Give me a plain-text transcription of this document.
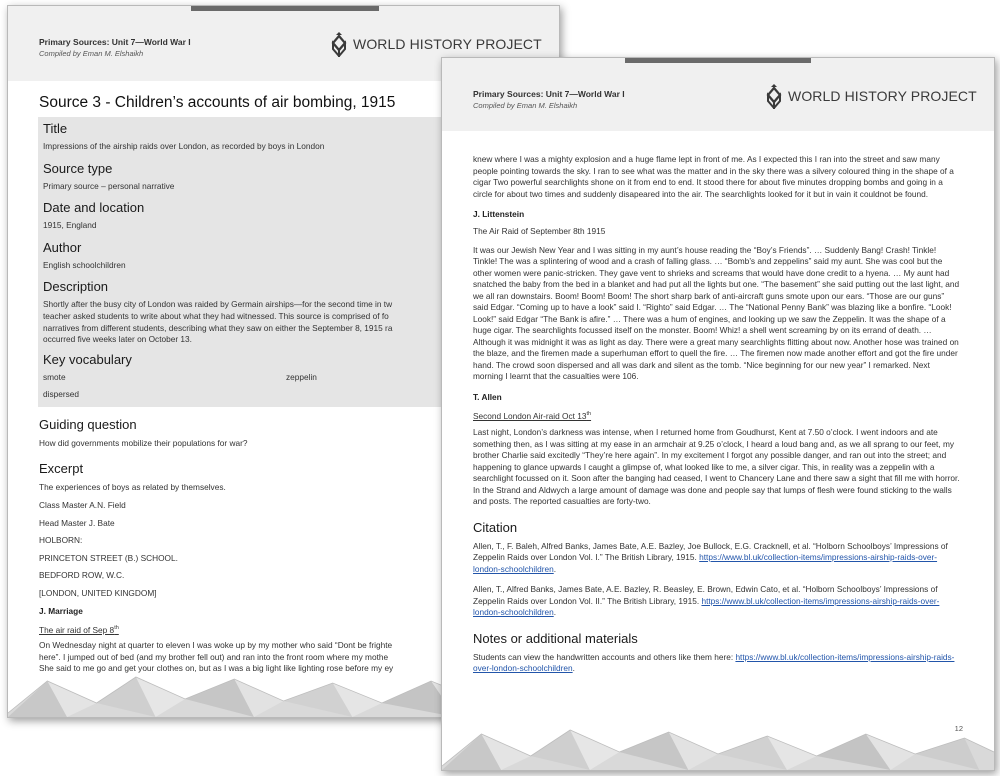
Primary Sources: Unit 7—World War I
Compiled by Eman M. Elshaikh
WORLD HISTORY PROJECT
Source 3 - Children’s accounts of air bombing, 1915
Title
Impressions of the airship raids over London, as recorded by boys in London
Source type
Primary source – personal narrative
Date and location
1915, England
Author
English schoolchildren
Description
Shortly after the busy city of London was raided by Germain airships—for the second time in tw
teacher asked students to write about what they had witnessed. This source is comprised of fo
narratives from different students, describing what they saw on either the September 8, 1915 ra
occurred five weeks later on October 13.
Key vocabulary
smote	zeppelin
dispersed
Guiding question
How did governments mobilize their populations for war?
Excerpt
The experiences of boys as related by themselves.
Class Master A.N. Field
Head Master J. Bate
HOLBORN:
PRINCETON STREET (B.) SCHOOL.
BEDFORD ROW, W.C.
[LONDON, UNITED KINGDOM]
J. Marriage
The air raid of Sep 8th
On Wednesday night at quarter to eleven I was woke up by my mother who said “Dont be frighte
here”. I jumped out of bed (and my brother fell out) and ran into the front room where my mothe
She said to me go and get your clothes on, but as I was a big light like lighting rose before my ey
Primary Sources: Unit 7—World War I
Compiled by Eman M. Elshaikh
WORLD HISTORY PROJECT
knew where I was a mighty explosion and a huge flame lept in front of me. As I expected this I ran into the street and saw many people pointing towards the sky. I ran to see what was the matter and in the sky there was a silvery coloured thing in the shape of a cigar Two powerful searchlights shone on it from end to end. It stood there for about five minutes dropping bombs and going in a circle for about two times and suddenly disapeared into the air. The searchlights looked for it but in vain it couldnot be found.
J. Littenstein
The Air Raid of September 8th 1915
It was our Jewish New Year and I was sitting in my aunt’s house reading the “Boy’s Friends”. … Suddenly Bang! Crash! Tinkle! Tinkle! The was a splintering of wood and a crash of falling glass. … “Bomb’s and zeppelins” said my aunt. She was cool but the other women were panic-stricken. They gave vent to shrieks and screams that would have done credit to a hyena. … My aunt had snatched the baby from the bed in a blanket and had put all the lights but one. “The basement” she said putting out the last light, and we all ran downstairs. Boom! Boom! Boom! The short sharp bark of anti-aircraft guns smote upon our ears. “Those are our guns” said Edgar. “Coming up to have a look” said I. “Righto” said Edgar. … The “National Penny Bank” was blazing like a bonfire. “Look! Look!” said Edgar “The Bank is afire.” … There was a hum of engines, and looking up we saw the Zeppelin. It was the shape of a huge cigar. The searchlights focussed itself on the monster. Boom! Whiz! a shell went screaming by on its errand of death. … Although it was midnight it was as light as day. There were a great many searchlights flitting about now. Another hose was trained on the blaze, and the firemen made a superhuman effort to quell the fire. … The firemen now made another effort and got the fire under hand. The crowd soon dispersed and all was dark and silent as the tomb. “Nice beginning for our new year” I remarked. Next morning I learnt that the casualties were 106.
T. Allen
Second London Air-raid Oct 13th
Last night, London’s darkness was intense, when I returned home from Goudhurst, Kent at 7.50 o’clock. I went indoors and ate something then, as I was sitting at my ease in an armchair at 9.25 o’clock, I heard a loud bang and, as we all sprang to our feet, my brother Charlie said excitedly “They’re here again”. In my excitement I forgot any possible danger, and ran out into the street; and happening to glance upwards I caught a glimpse of, what looked like to me, a silver cigar. This, in reality was a zeppelin with a searchlight focussed on it. Soon after the banging had ceased, I went to Chancery Lane and there saw a sight that fill me with horror. In the Strand and Aldwych a large amount of damage was done and people say that lumps of flesh were found sticking to the walls and posts. The reported casualties are forty-two.
Citation
Allen, T., F. Baleh, Alfred Banks, James Bate, A.E. Bazley, Joe Bullock, E.G. Cracknell, et al. “Holborn Schoolboys’ Impressions of Zeppelin Raids over London Vol. I.” The British Library, 1915. https://www.bl.uk/collection-items/impressions-airship-raids-over-london-schoolchildren.
Allen, T., Alfred Banks, James Bate, A.E. Bazley, R. Beasley, E. Brown, Edwin Cato, et al. “Holborn Schoolboys’ Impressions of Zeppelin Raids over London Vol. II.” The British Library, 1915. https://www.bl.uk/collection-items/impressions-airship-raids-over-london-schoolchildren.
Notes or additional materials
Students can view the handwritten accounts and others like them here: https://www.bl.uk/collection-items/impressions-airship-raids-over-london-schoolchildren.
12
